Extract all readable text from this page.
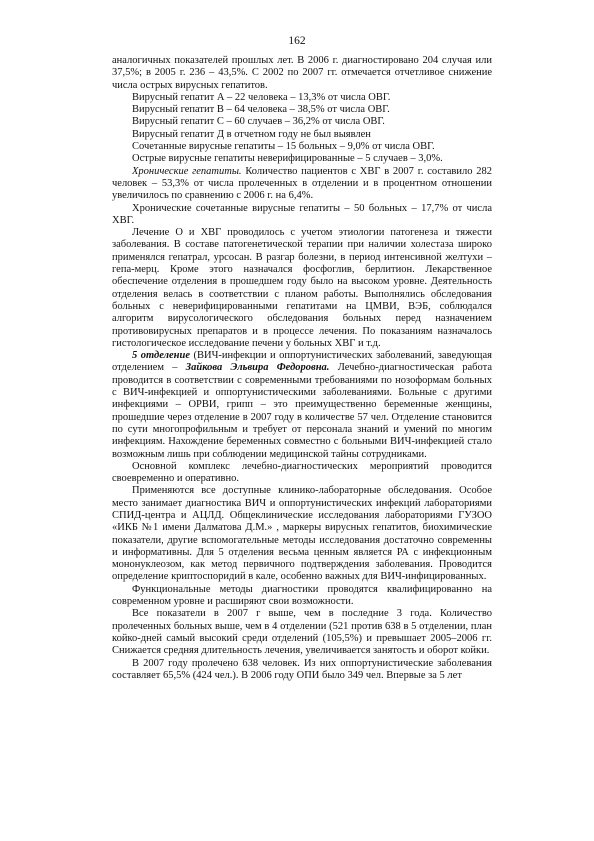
162

аналогичных показателей прошлых лет. В 2006 г. диагностировано 204 случая или 37,5%; в 2005 г. 236 – 43,5%. С 2002 по 2007 гг. отмечается отчетливое снижение числа острых вирусных гепатитов.

Вирусный гепатит А – 22 человека – 13,3% от числа ОВГ.

Вирусный гепатит В – 64 человека – 38,5% от числа ОВГ.

Вирусный гепатит С – 60 случаев – 36,2% от числа ОВГ.

Вирусный гепатит Д в отчетном году не был выявлен

Сочетанные вирусные гепатиты – 15 больных – 9,0% от числа ОВГ.

Острые вирусные гепатиты неверифицированные – 5 случаев – 3,0%.

Хронические гепатиты. Количество пациентов с ХВГ в 2007 г. составило 282 человек – 53,3% от числа пролеченных в отделении и в процентном отношении увеличилось по сравнению с 2006 г. на 6,4%.

Хронические сочетанные вирусные гепатиты – 50 больных – 17,7% от числа ХВГ.

Лечение О и ХВГ проводилось с учетом этиологии патогенеза и тяжести заболевания. В составе патогенетической терапии при наличии холестаза широко применялся гепатрал, урсосан. В разгар болезни, в период интенсивной желтухи – гепа-мерц. Кроме этого назначался фосфоглив, берлитион. Лекарственное обеспечение отделения в прошедшем году было на высоком уровне. Деятельность отделения велась в соответствии с планом работы. Выполнялись обследования больных с неверифицированными гепатитами на ЦМВИ, ВЭБ, соблюдался алгоритм вирусологического обследования больных перед назначением противовирусных препаратов и в процессе лечения. По показаниям назначалось гистологическое исследование печени у больных ХВГ и т.д.

5 отделение (ВИЧ-инфекции и оппортунистических заболеваний, заведующая отделением – Зайкова Эльвира Федоровна. Лечебно-диагностическая работа проводится в соответствии с современными требованиями по нозоформам больных с ВИЧ-инфекцией и оппортунистическими заболеваниями. Больные с другими инфекциями – ОРВИ, грипп – это преимущественно беременные женщины, прошедшие через отделение в 2007 году в количестве 57 чел. Отделение становится по сути многопрофильным и требует от персонала знаний и умений по многим инфекциям. Нахождение беременных совместно с больными ВИЧ-инфекцией стало возможным лишь при соблюдении медицинской тайны сотрудниками.

Основной комплекс лечебно-диагностических мероприятий проводится своевременно и оперативно.

Применяются все доступные клинико-лабораторные обследования. Особое место занимает диагностика ВИЧ и оппортунистических инфекций лабораториями СПИД-центра и АЦЛД. Общеклинические исследования лабораториями ГУЗОО «ИКБ №1 имени Далматова Д.М.» , маркеры вирусных гепатитов, биохимические показатели, другие вспомогательные методы исследования достаточно современны и информативны. Для 5 отделения весьма ценным является РА с инфекционным мононуклеозом, как метод первичного подтверждения заболевания. Проводится определение криптоспоридий в кале, особенно важных для ВИЧ-инфицированных.

Функциональные методы диагностики проводятся квалифицированно на современном уровне и расширяют свои возможности.

Все показатели в 2007 г выше, чем в последние 3 года. Количество пролеченных больных выше, чем в 4 отделении (521 против 638 в 5 отделении, план койко-дней самый высокий среди отделений (105,5%) и превышает 2005–2006 гг. Снижается средняя длительность лечения, увеличивается занятость и оборот койки.

В 2007 году пролечено 638 человек. Из них оппортунистические заболевания составляет 65,5% (424 чел.). В 2006 году ОПИ было 349 чел. Впервые за 5 лет
